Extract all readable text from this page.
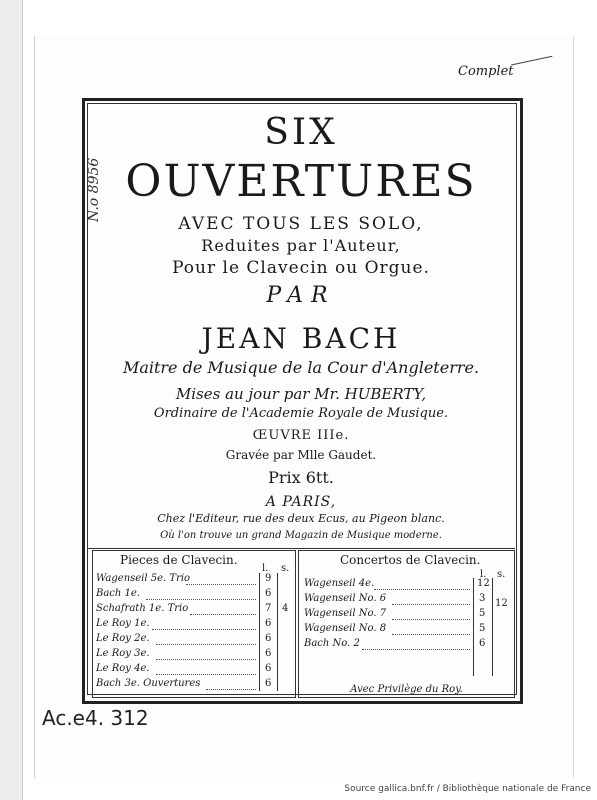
Complet
N.o 8956
SIX
OUVERTURES
AVEC TOUS LES SOLO,
Reduites par l'Auteur,
Pour le Clavecin ou Orgue.
PAR
JEAN BACH
Maitre de Musique de la Cour d'Angleterre.
Mises au jour par Mr. HUBERTY,
Ordinaire de l'Academie Royale de Musique.
ŒUVRE IIIe.
Gravée par Mlle Gaudet.
Prix 6tt.
A PARIS,
Chez l'Editeur, rue des deux Ecus, au Pigeon blanc.
Où l'on trouve un grand Magazin de Musique moderne.
Pieces de Clavecin.
l. s.
Wagenseil 5e. Trio	9
Bach 1e.	6
Schafrath 1e. Trio	7 4
Le Roy 1e.	6
Le Roy 2e.	6
Le Roy 3e.	6
Le Roy 4e.	6
Bach 3e. Ouvertures	6
Concertos de Clavecin.
l. s.
Wagenseil 4e.	12
Wagenseil No. 6	3 12
Wagenseil No. 7	5
Wagenseil No. 8	5
Bach No. 2	6
Avec Privilège du Roy.
Ac.e4. 312
Source gallica.bnf.fr / Bibliothèque nationale de France
